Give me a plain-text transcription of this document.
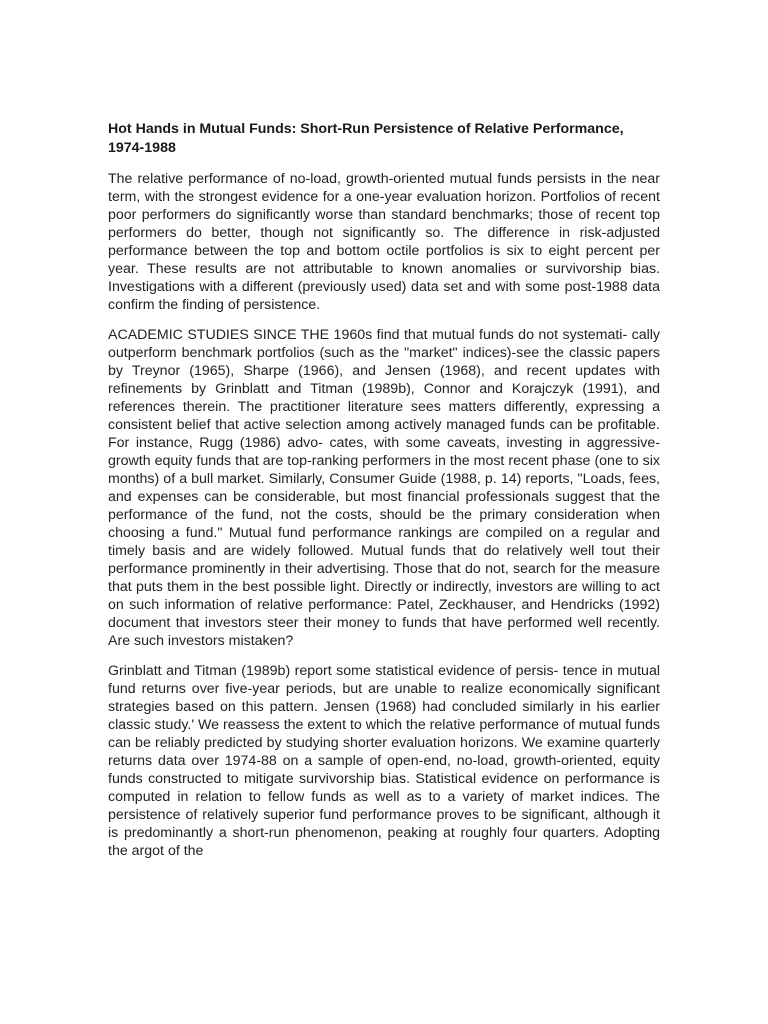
Hot Hands in Mutual Funds: Short-Run Persistence of Relative Performance, 1974-1988

The relative performance of no-load, growth-oriented mutual funds persists in the near term, with the strongest evidence for a one-year evaluation horizon. Portfolios of recent poor performers do significantly worse than standard benchmarks; those of recent top performers do better, though not significantly so. The difference in risk-adjusted performance between the top and bottom octile portfolios is six to eight percent per year. These results are not attributable to known anomalies or survivorship bias. Investigations with a different (previously used) data set and with some post-1988 data confirm the finding of persistence.

ACADEMIC STUDIES SINCE THE 1960s find that mutual funds do not systemati- cally outperform benchmark portfolios (such as the "market" indices)-see the classic papers by Treynor (1965), Sharpe (1966), and Jensen (1968), and recent updates with refinements by Grinblatt and Titman (1989b), Connor and Korajczyk (1991), and references therein. The practitioner literature sees matters differently, expressing a consistent belief that active selection among actively managed funds can be profitable. For instance, Rugg (1986) advo- cates, with some caveats, investing in aggressive-growth equity funds that are top-ranking performers in the most recent phase (one to six months) of a bull market. Similarly, Consumer Guide (1988, p. 14) reports, "Loads, fees, and expenses can be considerable, but most financial professionals suggest that the performance of the fund, not the costs, should be the primary consideration when choosing a fund." Mutual fund performance rankings are compiled on a regular and timely basis and are widely followed. Mutual funds that do relatively well tout their performance prominently in their advertising. Those that do not, search for the measure that puts them in the best possible light. Directly or indirectly, investors are willing to act on such information of relative performance: Patel, Zeckhauser, and Hendricks (1992) document that investors steer their money to funds that have performed well recently. Are such investors mistaken?

Grinblatt and Titman (1989b) report some statistical evidence of persis- tence in mutual fund returns over five-year periods, but are unable to realize economically significant strategies based on this pattern. Jensen (1968) had concluded similarly in his earlier classic study.' We reassess the extent to which the relative performance of mutual funds can be reliably predicted by studying shorter evaluation horizons. We examine quarterly returns data over 1974-88 on a sample of open-end, no-load, growth-oriented, equity funds constructed to mitigate survivorship bias. Statistical evidence on performance is computed in relation to fellow funds as well as to a variety of market indices. The persistence of relatively superior fund performance proves to be significant, although it is predominantly a short-run phenomenon, peaking at roughly four quarters. Adopting the argot of the
